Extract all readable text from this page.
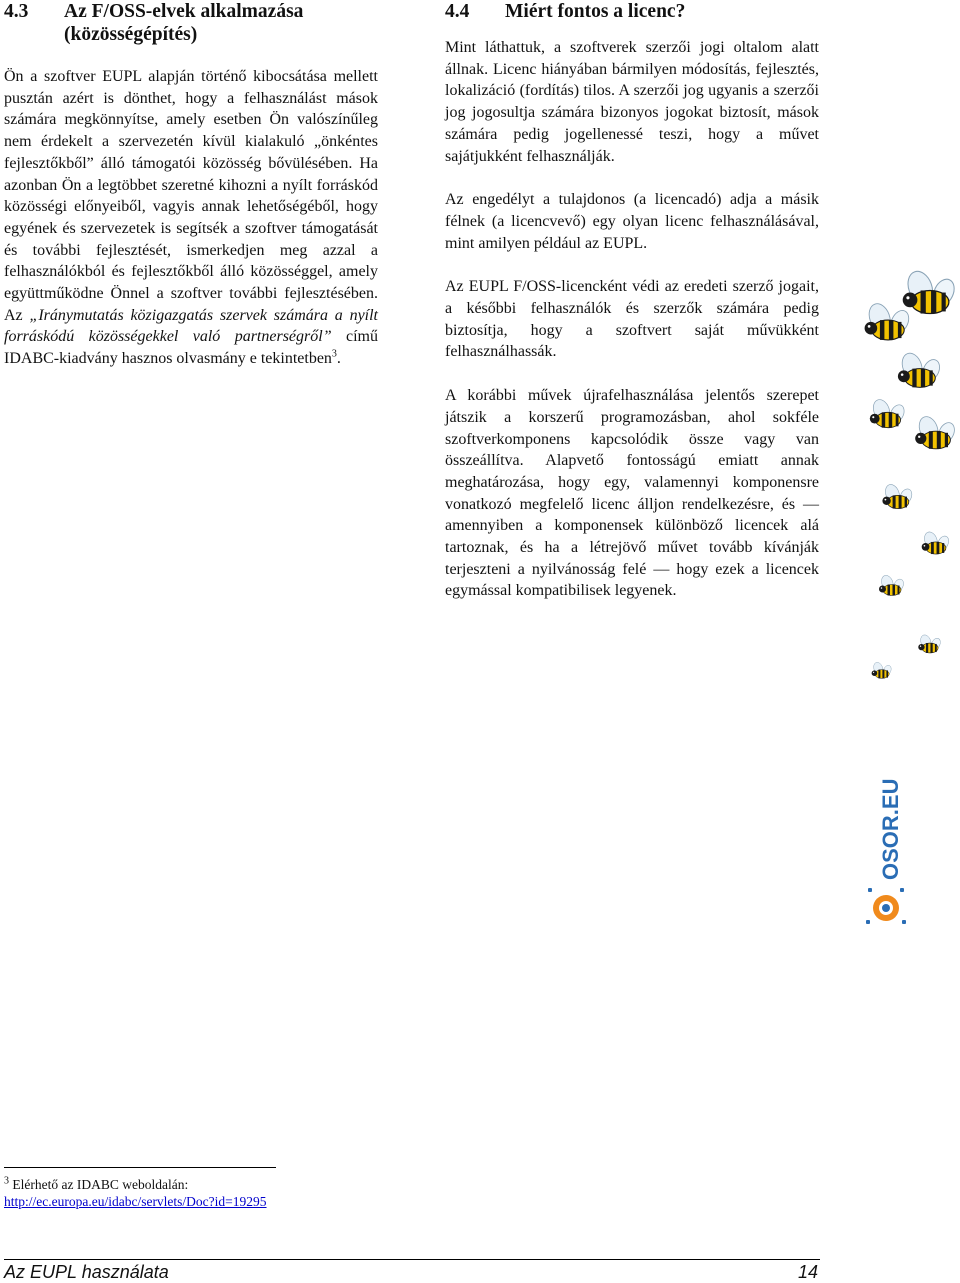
4.3	Az F/OSS-elvek alkalmazása
(közösségépítés)

Ön a szoftver EUPL alapján történő kibocsátása mellett pusztán azért is dönthet, hogy a felhasználást mások számára megkönnyítse, amely esetben Ön valószínűleg nem érdekelt a szervezetén kívül kialakuló „önkéntes fejlesztőkből” álló támogatói közösség bővülésében. Ha azonban Ön a legtöbbet szeretné kihozni a nyílt forráskód közösségi előnyeiből, vagyis annak lehetőségéből, hogy egyének és szervezetek is segítsék a szoftver támogatását és további fejlesztését, ismerkedjen meg azzal a felhasználókból és fejlesztőkből álló közösséggel, amely együttműködne Önnel a szoftver további fejlesztésében. Az „Iránymutatás közigazgatás szervek számára a nyílt forráskódú közösségekkel való partnerségről” című IDABC-kiadvány hasznos olvasmány e tekintetben$^3$.

4.4	Miért fontos a licenc?

Mint láthattuk, a szoftverek szerzői jogi oltalom alatt állnak. Licenc hiányában bármilyen módosítás, fejlesztés, lokalizáció (fordítás) tilos. A szerzői jog ugyanis a szerzői jog jogosultja számára bizonyos jogokat biztosít, mások számára pedig jogellenessé teszi, hogy a művet sajátjukként felhasználják.

Az engedélyt a tulajdonos (a licencadó) adja a másik félnek (a licencvevő) egy olyan licenc felhasználásával, mint amilyen például az EUPL.

Az EUPL F/OSS-licencként védi az eredeti szerző jogait, a későbbi felhasználók és szerzők számára pedig biztosítja, hogy a szoftvert saját művükként felhasználhassák.

A korábbi művek újrafelhasználása jelentős szerepet játszik a korszerű programozásban, ahol sokféle szoftverkomponens kapcsolódik össze vagy van összeállítva. Alapvető fontosságú emiatt annak meghatározása, hogy egy, valamennyi komponensre vonatkozó megfelelő licenc álljon rendelkezésre, és — amennyiben a komponensek különböző licencek alá tartoznak, és ha a létrejövő művet tovább kívánják terjeszteni a nyilvánosság felé — hogy ezek a licencek egymással kompatibilisek legyenek.

OSOR.EU
$^3$ Elérhető az IDABC weboldalán:
http://ec.europa.eu/idabc/servlets/Doc?id=19295
Az EUPL használata	14
